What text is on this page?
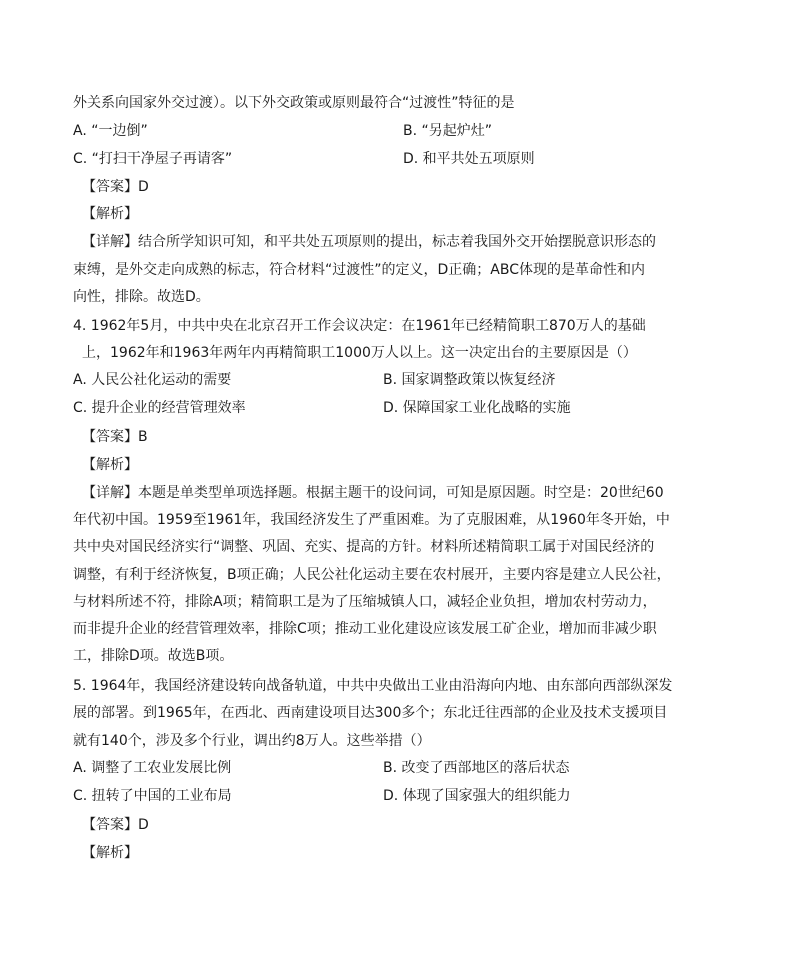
外关系向国家外交过渡）。以下外交政策或原则最符合“过渡性”特征的是
A. “一边倒”	B. “另起炉灶”
C. “打扫干净屋子再请客”	D. 和平共处五项原则
【答案】D
【解析】
【详解】结合所学知识可知，和平共处五项原则的提出，标志着我国外交开始摆脱意识形态的
束缚，是外交走向成熟的标志，符合材料“过渡性”的定义，D正确；ABC体现的是革命性和内
向性，排除。故选D。
4. 1962年5月，中共中央在北京召开工作会议决定：在1961年已经精简职工870万人的基础
上，1962年和1963年两年内再精简职工1000万人以上。这一决定出台的主要原因是（）
A. 人民公社化运动的需要	B. 国家调整政策以恢复经济
C. 提升企业的经营管理效率	D. 保障国家工业化战略的实施
【答案】B
【解析】
【详解】本题是单类型单项选择题。根据主题干的设问词，可知是原因题。时空是：20世纪60
年代初中国。1959至1961年，我国经济发生了严重困难。为了克服困难，从1960年冬开始，中
共中央对国民经济实行“调整、巩固、充实、提高的方针。材料所述精简职工属于对国民经济的
调整，有利于经济恢复，B项正确；人民公社化运动主要在农村展开，主要内容是建立人民公社，
与材料所述不符，排除A项；精简职工是为了压缩城镇人口，减轻企业负担，增加农村劳动力，
而非提升企业的经营管理效率，排除C项；推动工业化建设应该发展工矿企业，增加而非减少职
工，排除D项。故选B项。
5. 1964年，我国经济建设转向战备轨道，中共中央做出工业由沿海向内地、由东部向西部纵深发
展的部署。到1965年，在西北、西南建设项目达300多个；东北迁往西部的企业及技术支援项目
就有140个，涉及多个行业，调出约8万人。这些举措（）
A. 调整了工农业发展比例	B. 改变了西部地区的落后状态
C. 扭转了中国的工业布局	D. 体现了国家强大的组织能力
【答案】D
【解析】
